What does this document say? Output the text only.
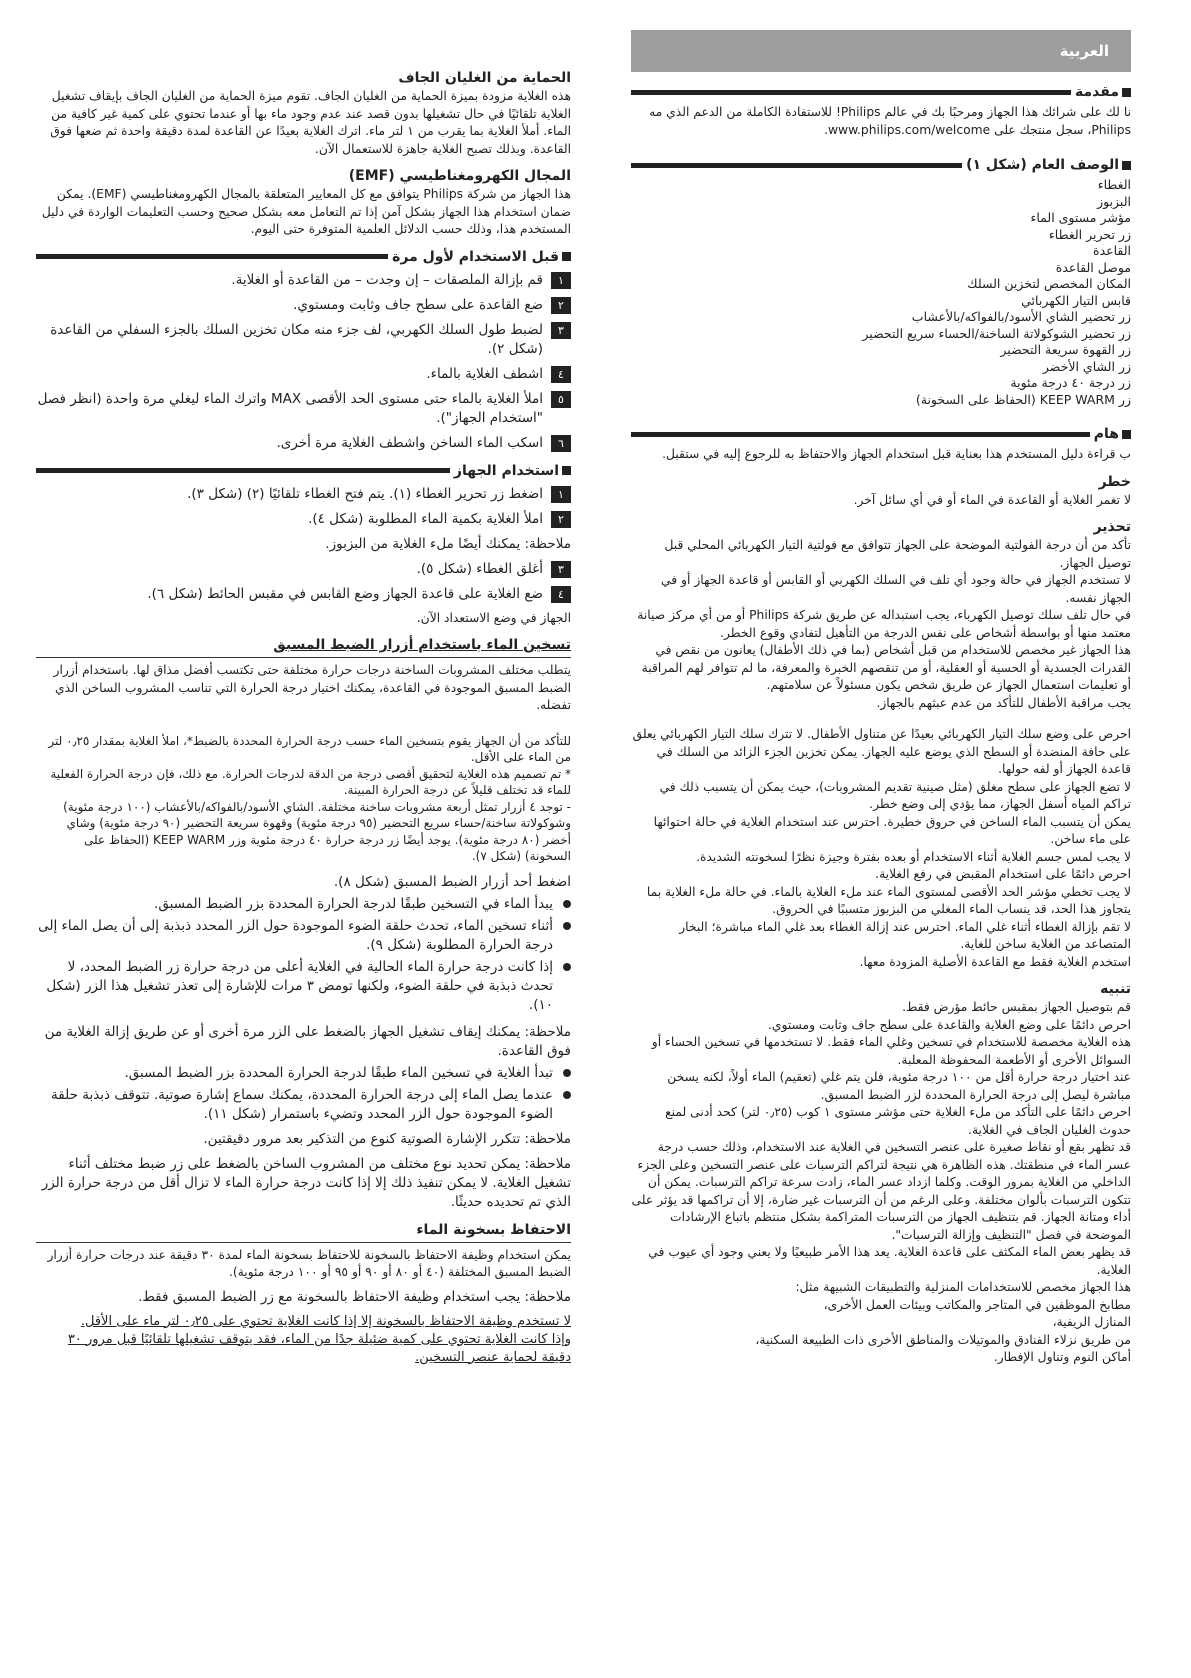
العربية
مقدمة
نا لك على شرائك هذا الجهاز ومرحبًا بك في عالم Philips! للاستفادة الكاملة من الدعم الذي مه Philips، سجل منتجك على www.philips.com/welcome.
الوصف العام (شكل ١)
الغطاء
البزبوز
مؤشر مستوى الماء
زر تحرير الغطاء
القاعدة
موصل القاعدة
المكان المخصص لتخزين السلك
قابس التيار الكهربائي
زر تحضير الشاي الأسود/بالفواكه/بالأعشاب
زر تحضير الشوكولاتة الساخنة/الحساء سريع التحضير
زر القهوة سريعة التحضير
زر الشاي الأخضر
زر درجة ٤٠ درجة مئوية
زر KEEP WARM (الحفاظ على السخونة)
هام
ب قراءة دليل المستخدم هذا بعناية قبل استخدام الجهاز والاحتفاظ به للرجوع إليه في ستقبل.
خطر
لا تغمر الغلاية أو القاعدة في الماء أو في أي سائل آخر.
تحذير
تأكد من أن درجة الفولتية الموضحة على الجهاز تتوافق مع فولتية التيار الكهربائي المحلي قبل توصيل الجهاز.
لا تستخدم الجهاز في حالة وجود أي تلف في السلك الكهربي أو القابس أو قاعدة الجهاز أو في الجهاز نفسه.
في حال تلف سلك توصيل الكهرباء، يجب استبداله عن طريق شركة Philips أو من أي مركز صيانة معتمد منها أو بواسطة أشخاص على نفس الدرجة من التأهيل لتفادي وقوع الخطر.
هذا الجهاز غير مخصص للاستخدام من قبل أشخاص (بما في ذلك الأطفال) يعانون من نقص في القدرات الجسدية أو الحسية أو العقلية، أو من تنقصهم الخبرة والمعرفة، ما لم تتوافر لهم المراقبة أو تعليمات استعمال الجهاز عن طريق شخص يكون مسئولاً عن سلامتهم.
يجب مراقبة الأطفال للتأكد من عدم عبثهم بالجهاز.
احرص على وضع سلك التيار الكهربائي بعيدًا عن متناول الأطفال. لا تترك سلك التيار الكهربائي يعلق على حافة المنضدة أو السطح الذي يوضع عليه الجهاز. يمكن تخزين الجزء الزائد من السلك في قاعدة الجهاز أو لفه حولها.
لا تضع الجهاز على سطح مغلق (مثل صينية تقديم المشروبات)، حيث يمكن أن يتسبب ذلك في تراكم المياه أسفل الجهاز، مما يؤدي إلى وضع خطر.
يمكن أن يتسبب الماء الساخن في حروق خطيرة. احترس عند استخدام الغلاية في حالة احتوائها على ماء ساخن.
لا يجب لمس جسم الغلاية أثناء الاستخدام أو بعده بفترة وجيزة نظرًا لسخونته الشديدة.
احرص دائمًا على استخدام المقبض في رفع الغلاية.
لا يجب تخطي مؤشر الحد الأقصى لمستوى الماء عند ملء الغلاية بالماء. في حالة ملء الغلاية بما يتجاوز هذا الحد، قد ينساب الماء المغلي من البزبوز متسببًا في الحروق.
لا تقم بإزالة الغطاء أثناء غلي الماء. احترس عند إزالة الغطاء بعد غلي الماء مباشرة؛ البخار المتصاعد من الغلاية ساخن للغاية.
استخدم الغلاية فقط مع القاعدة الأصلية المزودة معها.
تنبيه
قم بتوصيل الجهاز بمقبس حائط مؤرض فقط.
احرص دائمًا على وضع الغلاية والقاعدة على سطح جاف وثابت ومستوي.
هذه الغلاية مخصصة للاستخدام في تسخين وغلي الماء فقط. لا تستخدمها في تسخين الحساء أو السوائل الأخرى أو الأطعمة المحفوظة المعلبة.
عند اختيار درجة حرارة أقل من ١٠٠ درجة مئوية، فلن يتم غلي (تعقيم) الماء أولاً، لكنه يسخن مباشرة ليصل إلى درجة الحرارة المحددة لزر الضبط المسبق.
احرص دائمًا على التأكد من ملء الغلاية حتى مؤشر مستوى ١ كوب (٠٫٢٥ لتر) كحد أدنى لمنع حدوث الغليان الجاف في الغلاية.
قد تظهر بقع أو نقاط صغيرة على عنصر التسخين في الغلاية عند الاستخدام، وذلك حسب درجة عسر الماء في منطقتك. هذه الظاهرة هي نتيجة لتراكم الترسبات على عنصر التسخين وعلى الجزء الداخلي من الغلاية بمرور الوقت. وكلما ازداد عسر الماء، زادت سرعة تراكم الترسبات. يمكن أن تتكون الترسبات بألوان مختلفة. وعلى الرغم من أن الترسبات غير ضارة، إلا أن تراكمها قد يؤثر على أداء ومتانة الجهاز. قم بتنظيف الجهاز من الترسبات المتراكمة بشكل منتظم باتباع الإرشادات الموضحة في فصل "التنظيف وإزالة الترسبات".
قد يظهر بعض الماء المكثف على قاعدة الغلاية. يعد هذا الأمر طبيعيًا ولا يعني وجود أي عيوب في الغلاية.
هذا الجهاز مخصص للاستخدامات المنزلية والتطبيقات الشبيهة مثل:
مطابخ الموظفين في المتاجر والمكاتب وبيئات العمل الأخرى،
المنازل الريفية،
من طريق نزلاء الفنادق والموتيلات والمناطق الأخرى ذات الطبيعة السكنية،
أماكن النوم وتناول الإفطار.
الحماية من الغليان الجاف
هذه الغلاية مزودة بميزة الحماية من الغليان الجاف. تقوم ميزة الحماية من الغليان الجاف بإيقاف تشغيل الغلاية تلقائيًا في حال تشغيلها بدون قصد عند عدم وجود ماء بها أو عندما تحتوي على كمية غير كافية من الماء. أملأ الغلاية بما يقرب من ١ لتر ماء. اترك الغلاية بعيدًا عن القاعدة لمدة دقيقة واحدة ثم ضعها فوق القاعدة. وبذلك تصبح الغلاية جاهزة للاستعمال الآن.
المجال الكهرومغناطيسي (EMF)
هذا الجهاز من شركة Philips يتوافق مع كل المعايير المتعلقة بالمجال الكهرومغناطيسي (EMF). يمكن ضمان استخدام هذا الجهاز بشكل آمن إذا تم التعامل معه بشكل صحيح وحسب التعليمات الواردة في دليل المستخدم هذا، وذلك حسب الدلائل العلمية المتوفرة حتى اليوم.
قبل الاستخدام لأول مرة
١
قم بإزالة الملصقات – إن وجدت – من القاعدة أو الغلاية.
٢
ضع القاعدة على سطح جاف وثابت ومستوي.
٣
لضبط طول السلك الكهربي، لف جزء منه مكان تخزين السلك بالجزء السفلي من القاعدة (شكل ٢).
٤
اشطف الغلاية بالماء.
٥
املأ الغلاية بالماء حتى مستوى الحد الأقصى MAX واترك الماء ليغلي مرة واحدة (انظر فصل "استخدام الجهاز").
٦
اسكب الماء الساخن واشطف الغلاية مرة أخرى.
استخدام الجهاز
١
اضغط زر تحرير الغطاء (١). يتم فتح الغطاء تلقائيًا (٢) (شكل ٣).
٢
املأ الغلاية بكمية الماء المطلوبة (شكل ٤).
ملاحظة: يمكنك أيضًا ملء الغلاية من البزبوز.
٣
أغلق الغطاء (شكل ٥).
٤
ضع الغلاية على قاعدة الجهاز وضع القابس في مقبس الحائط (شكل ٦).
الجهاز في وضع الاستعداد الآن.
تسخين الماء باستخدام أزرار الضبط المسبق
يتطلب مختلف المشروبات الساخنة درجات حرارة مختلفة حتى تكتسب أفضل مذاق لها. باستخدام أزرار الضبط المسبق الموجودة في القاعدة، يمكنك اختيار درجة الحرارة التي تناسب المشروب الساخن الذي تفضله.
للتأكد من أن الجهاز يقوم بتسخين الماء حسب درجة الحرارة المحددة بالضبط*، املأ الغلاية بمقدار ٠٫٢٥ لتر من الماء على الأقل.
* تم تصميم هذه الغلاية لتحقيق أقصى درجة من الدقة لدرجات الحرارة. مع ذلك، فإن درجة الحرارة الفعلية للماء قد تختلف قليلاً عن درجة الحرارة المبينة.
- توجد ٤ أزرار تمثل أربعة مشروبات ساخنة مختلفة. الشاي الأسود/بالفواكه/بالأعشاب (١٠٠ درجة مئوية) وشوكولاتة ساخنة/حساء سريع التحضير (٩٥ درجة مئوية) وقهوة سريعة التحضير (٩٠ درجة مئوية) وشاي أخضر (٨٠ درجة مئوية). يوجد أيضًا زر درجة حرارة ٤٠ درجة مئوية وزر KEEP WARM (الحفاظ على السخونة) (شكل ٧).
اضغط أحد أزرار الضبط المسبق (شكل ٨).
يبدأ الماء في التسخين طبقًا لدرجة الحرارة المحددة بزر الضبط المسبق.
أثناء تسخين الماء، تحدث حلقة الضوء الموجودة حول الزر المحدد ذبذبة إلى أن يصل الماء إلى درجة الحرارة المطلوبة (شكل ٩).
إذا كانت درجة حرارة الماء الحالية في الغلاية أعلى من درجة حرارة زر الضبط المحدد، لا تحدث ذبذبة في حلقة الضوء، ولكنها تومض ٣ مرات للإشارة إلى تعذر تشغيل هذا الزر (شكل ١٠).
ملاحظة: يمكنك إيقاف تشغيل الجهاز بالضغط على الزر مرة أخرى أو عن طريق إزالة الغلاية من فوق القاعدة.
تبدأ الغلاية في تسخين الماء طبقًا لدرجة الحرارة المحددة بزر الضبط المسبق.
عندما يصل الماء إلى درجة الحرارة المحددة، يمكنك سماع إشارة صوتية. تتوقف ذبذبة حلقة الضوء الموجودة حول الزر المحدد وتضيء باستمرار (شكل ١١).
ملاحظة: تتكرر الإشارة الصوتية كنوع من التذكير بعد مرور دقيقتين.
ملاحظة: يمكن تحديد نوع مختلف من المشروب الساخن بالضغط على زر ضبط مختلف أثناء تشغيل الغلاية. لا يمكن تنفيذ ذلك إلا إذا كانت درجة حرارة الماء لا تزال أقل من درجة حرارة الزر الذي تم تحديده حديثًا.
الاحتفاظ بسخونة الماء
يمكن استخدام وظيفة الاحتفاظ بالسخونة للاحتفاظ بسخونة الماء لمدة ٣٠ دقيقة عند درجات حرارة أزرار الضبط المسبق المختلفة (٤٠ أو ٨٠ أو ٩٠ أو ٩٥ أو ١٠٠ درجة مئوية).
ملاحظة: يجب استخدام وظيفة الاحتفاظ بالسخونة مع زر الضبط المسبق فقط.
لا تستخدم وظيفة الاحتفاظ بالسخونة إلا إذا كانت الغلاية تحتوي على ٠٫٢٥ لتر ماء على الأقل.
وإذا كانت الغلاية تحتوي على كمية ضئيلة جدًا من الماء، فقد يتوقف تشغيلها تلقائيًا قبل مرور ٣٠ دقيقة لحماية عنصر التسخين.
